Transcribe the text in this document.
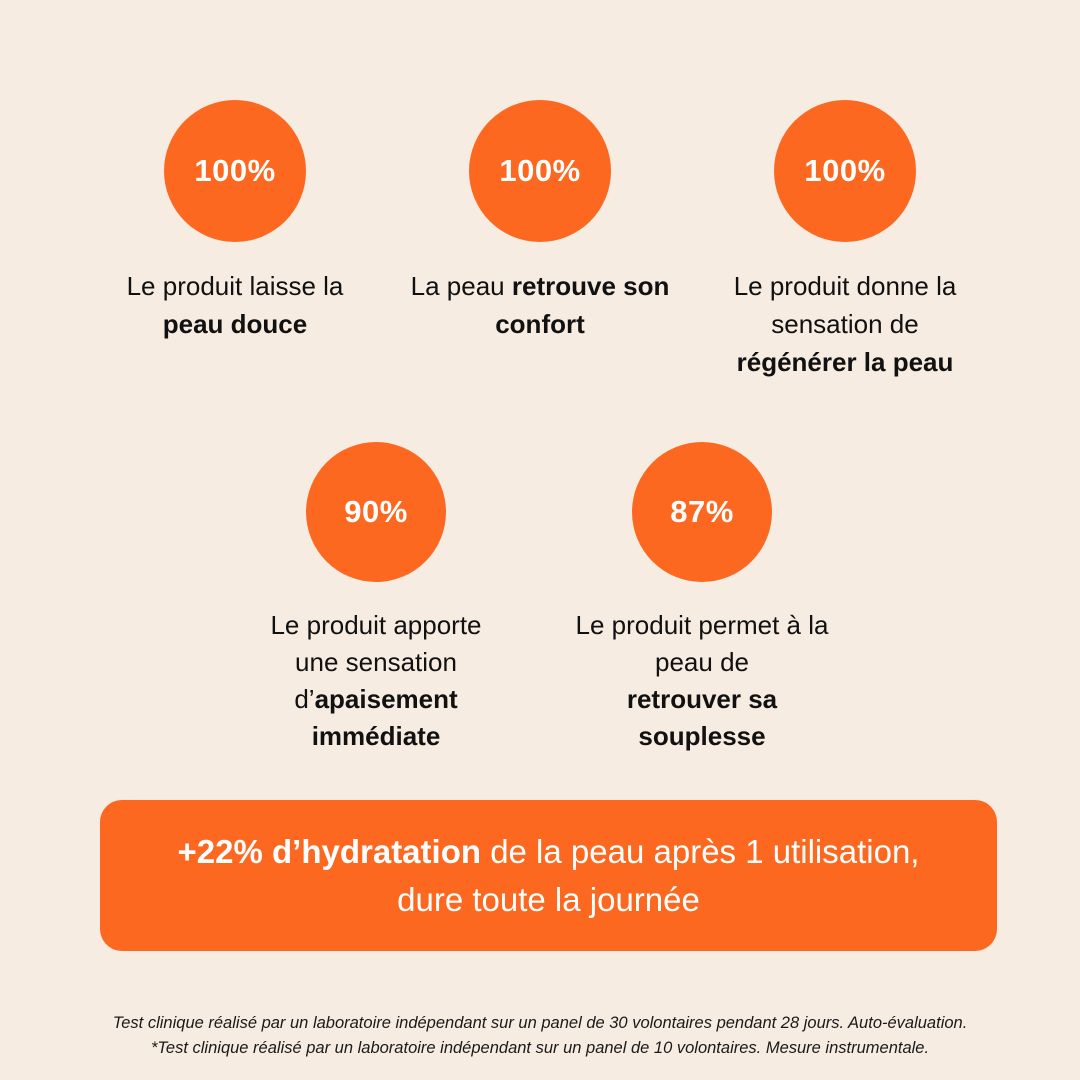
100%
Le produit laisse la
peau douce
100%
La peau retrouve son confort
100%
Le produit donne la sensation de
régénérer la peau
90%
Le produit apporte une sensation
d’apaisement immédiate
87%
Le produit permet à la peau de
retrouver sa souplesse
+22% d’hydratation de la peau après 1 utilisation,
dure toute la journée
Test clinique réalisé par un laboratoire indépendant sur un panel de 30 volontaires pendant 28 jours. Auto-évaluation.
*Test clinique réalisé par un laboratoire indépendant sur un panel de 10 volontaires. Mesure instrumentale.
